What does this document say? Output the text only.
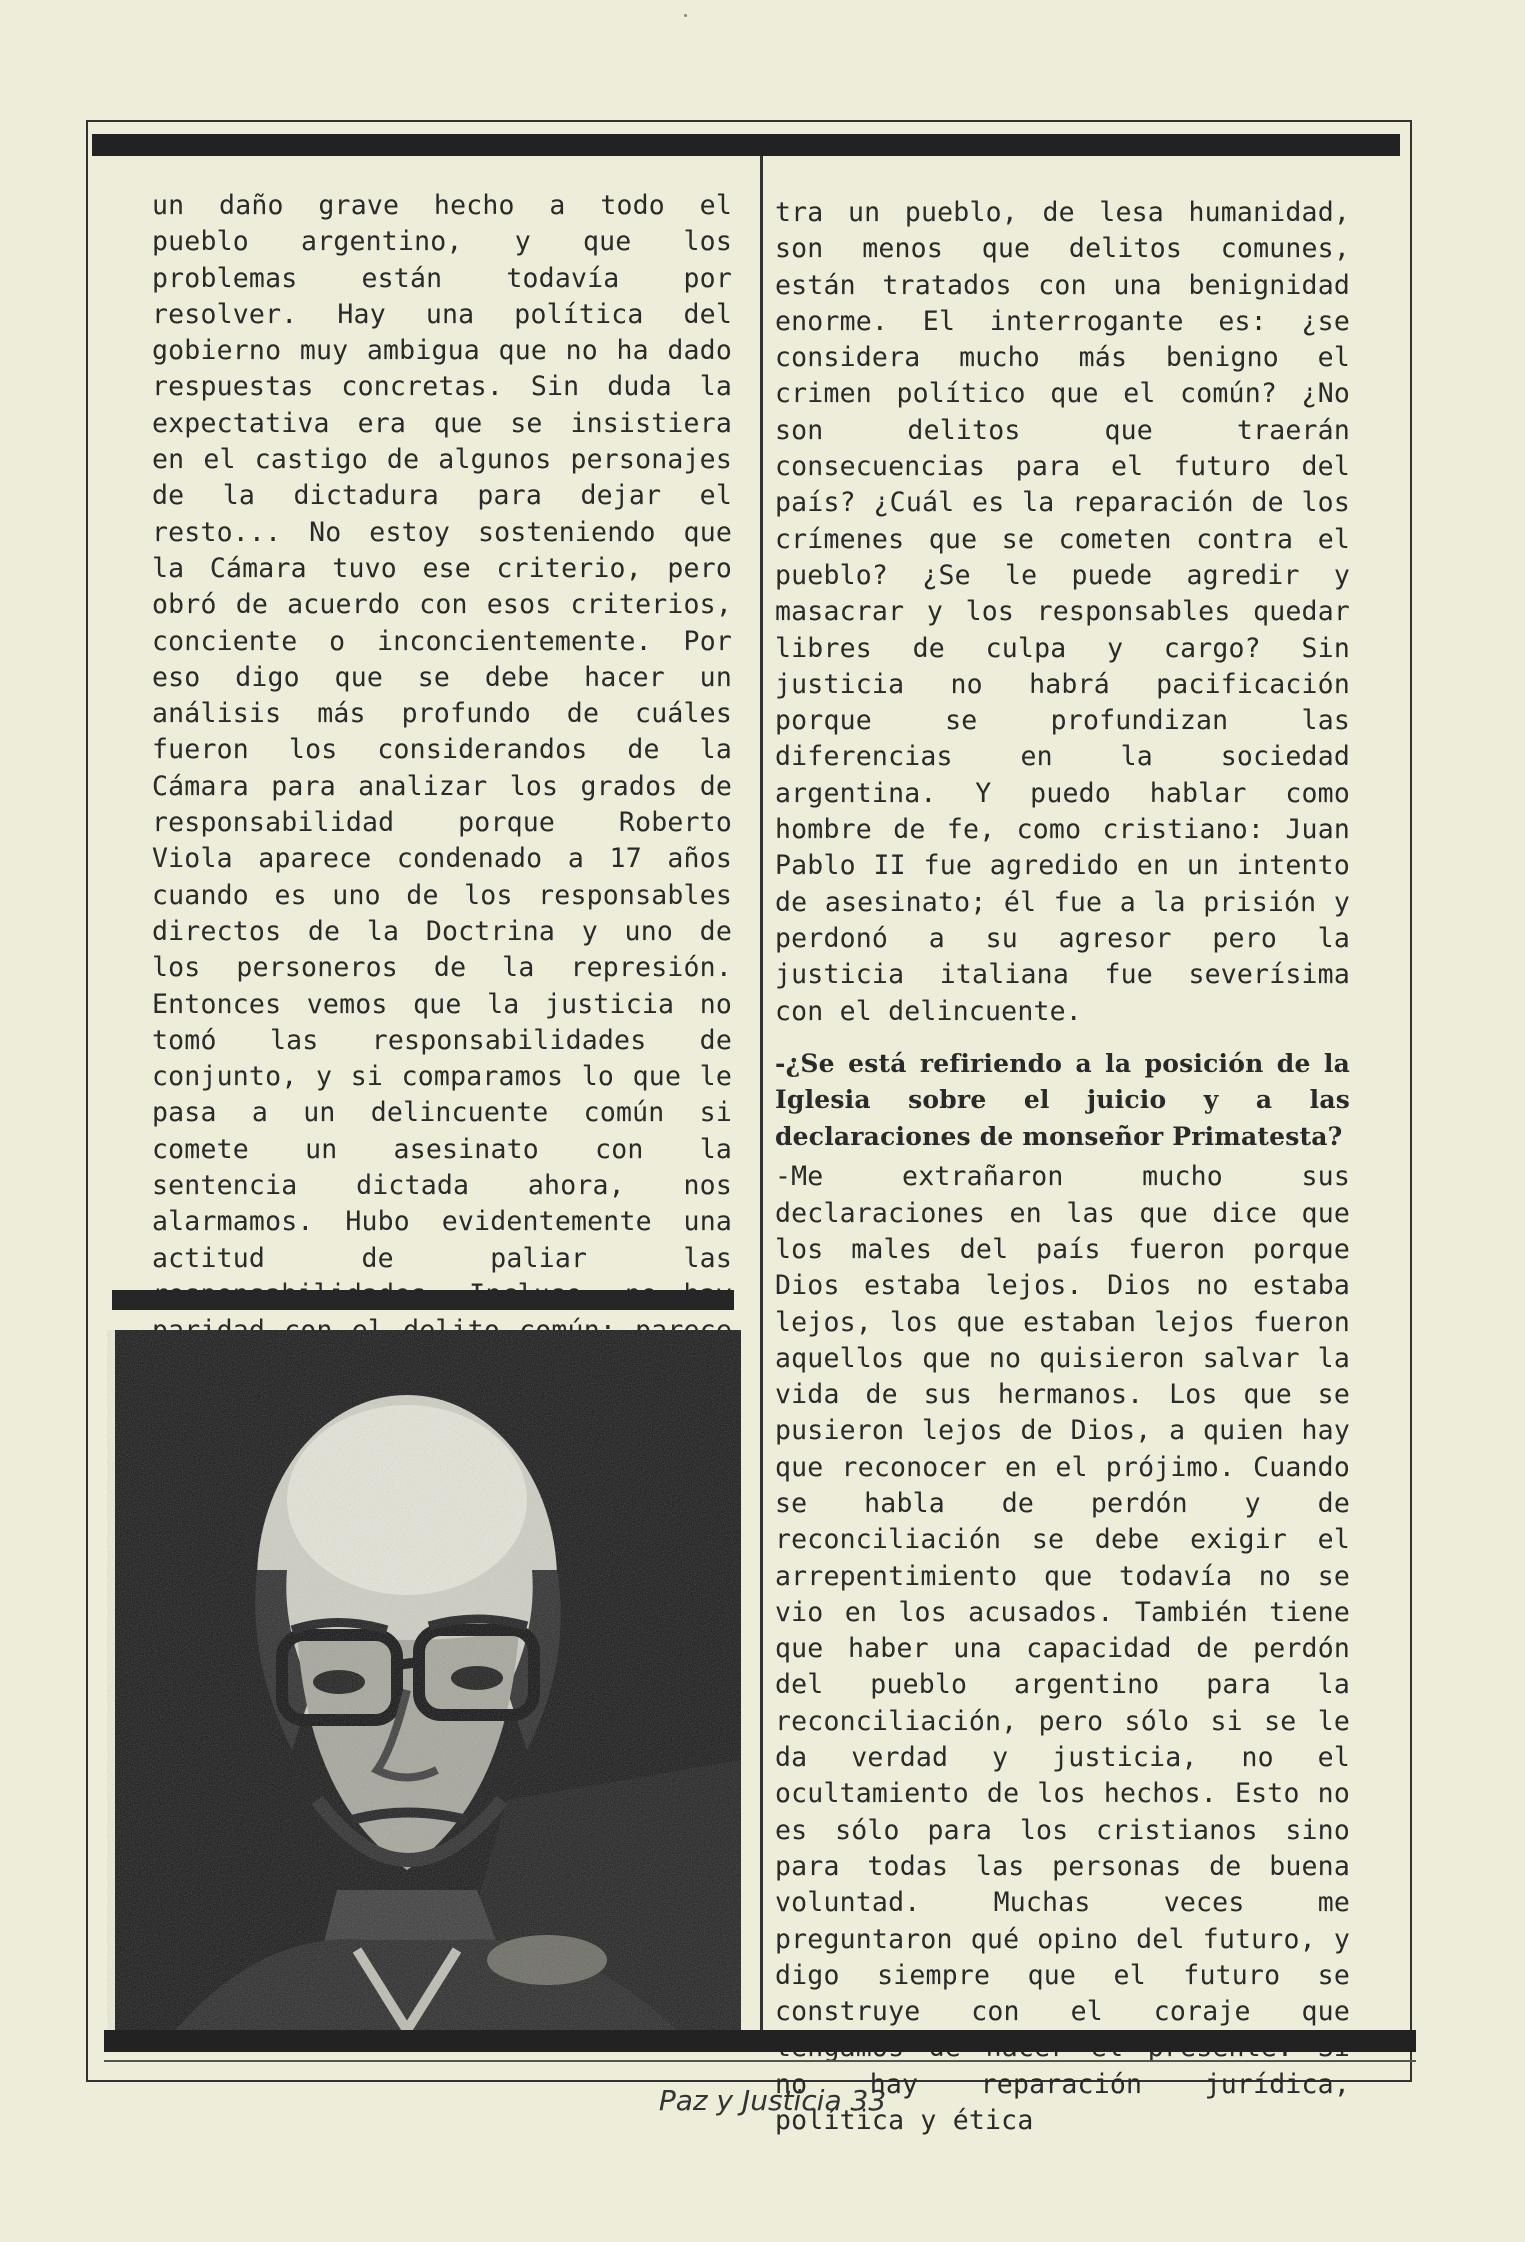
un daño grave hecho a todo el pueblo argentino, y que los problemas están todavía por resolver. Hay una política del gobierno muy ambigua que no ha dado respuestas concretas. Sin duda la expectativa era que se insistiera en el castigo de algunos personajes de la dictadura para dejar el resto... No estoy sosteniendo que la Cámara tuvo ese criterio, pero obró de acuerdo con esos criterios, conciente o inconcientemente. Por eso digo que se debe hacer un análisis más profundo de cuáles fueron los considerandos de la Cámara para analizar los grados de responsabilidad porque Roberto Viola aparece condenado a 17 años cuando es uno de los responsables directos de la Doctrina y uno de los personeros de la represión. Entonces vemos que la justicia no tomó las responsabilidades de conjunto, y si comparamos lo que le pasa a un delincuente común si comete un asesinato con la sentencia dictada ahora, nos alarmamos. Hubo evidentemente una actitud de paliar las

tra un pueblo, de lesa humanidad, son menos que delitos comunes, están tratados con una benignidad enorme. El interrogante es: ¿se considera mucho más benigno el crimen político que el común? ¿No son delitos que traerán consecuencias para el futuro del país? ¿Cuál es la reparación de los crímenes que se cometen contra el pueblo? ¿Se le puede agredir y masacrar y los responsables quedar libres de culpa y cargo? Sin justicia no habrá pacificación porque se profundizan las diferencias en la sociedad argentina. Y puedo hablar como hombre de fe, como cristiano: Juan Pablo II fue agredido en un intento de asesinato; él fue a la prisión y perdonó a su agresor pero la justicia italiana fue severísima con el delincuente.

-¿Se está refiriendo a la posición de la Iglesia sobre el juicio y a las declaraciones de monseñor Primatesta?

-Me extrañaron mucho sus declaraciones en las que dice que los males del país fueron porque Dios estaba lejos. Dios no estaba lejos, los que estaban lejos fueron aquellos que no quisieron salvar la vida de sus hermanos. Los que se pusieron lejos de Dios, a quien hay que reconocer en el prójimo. Cuando se habla de perdón y de reconciliación se debe exigir el arrepentimiento que todavía no se vio en los acusados. También tiene que haber una capacidad de perdón del pueblo argentino para la reconciliación, pero sólo si se le da verdad y justicia, no el ocultamiento de los hechos. Esto no es sólo para los cristianos sino para todas las personas de buena voluntad. Muchas veces me preguntaron qué opino del futuro, y digo siempre que el futuro se construye con el coraje que no hay reparación jurídica, política y ética

Paz y Justicia 33
